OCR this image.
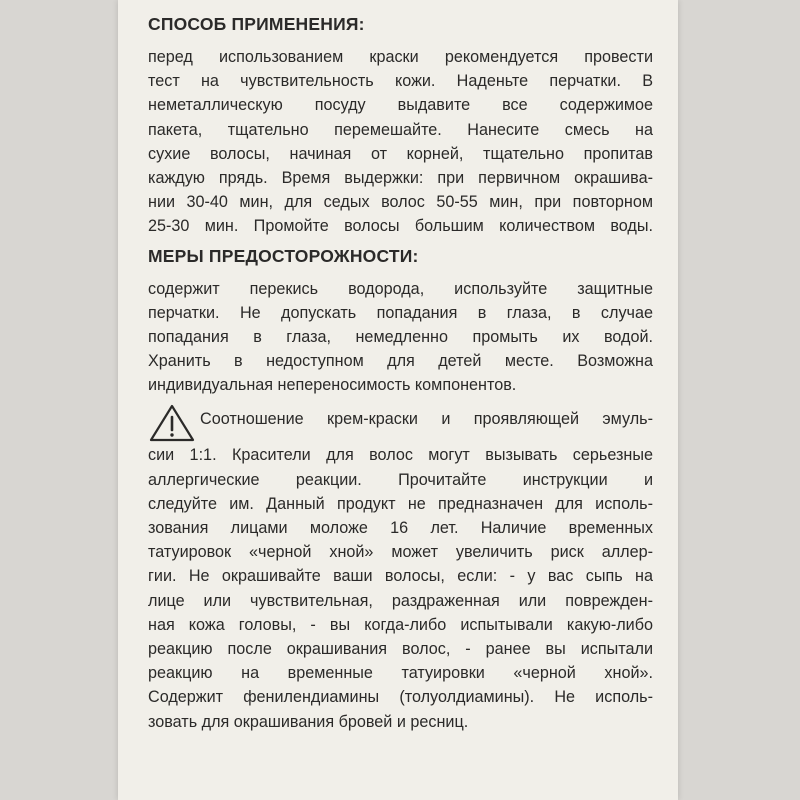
СПОСОБ ПРИМЕНЕНИЯ:
перед использованием краски рекомендуется провести
тест на чувствительность кожи. Наденьте перчатки. В
неметаллическую посуду выдавите все содержимое
пакета, тщательно перемешайте. Нанесите смесь на
сухие волосы, начиная от корней, тщательно пропитав
каждую прядь. Время выдержки: при первичном окрашива-
нии 30-40 мин, для седых волос 50-55 мин, при повторном
25-30 мин. Промойте волосы большим количеством воды.
МЕРЫ ПРЕДОСТОРОЖНОСТИ:
содержит перекись водорода, используйте защитные
перчатки. Не допускать попадания в глаза, в случае
попадания в глаза, немедленно промыть их водой.
Хранить в недоступном для детей месте. Возможна
индивидуальная непереносимость компонентов.
Соотношение крем-краски и проявляющей эмуль-
сии 1:1. Красители для волос могут вызывать серьезные
аллергические реакции. Прочитайте инструкции и
следуйте им. Данный продукт не предназначен для исполь-
зования лицами моложе 16 лет. Наличие временных
татуировок «черной хной» может увеличить риск аллер-
гии. Не окрашивайте ваши волосы, если: - у вас сыпь на
лице или чувствительная, раздраженная или поврежден-
ная кожа головы, - вы когда-либо испытывали какую-либо
реакцию после окрашивания волос, - ранее вы испытали
реакцию на временные татуировки «черной хной».
Содержит фенилендиамины (толуолдиамины). Не исполь-
зовать для окрашивания бровей и ресниц.
